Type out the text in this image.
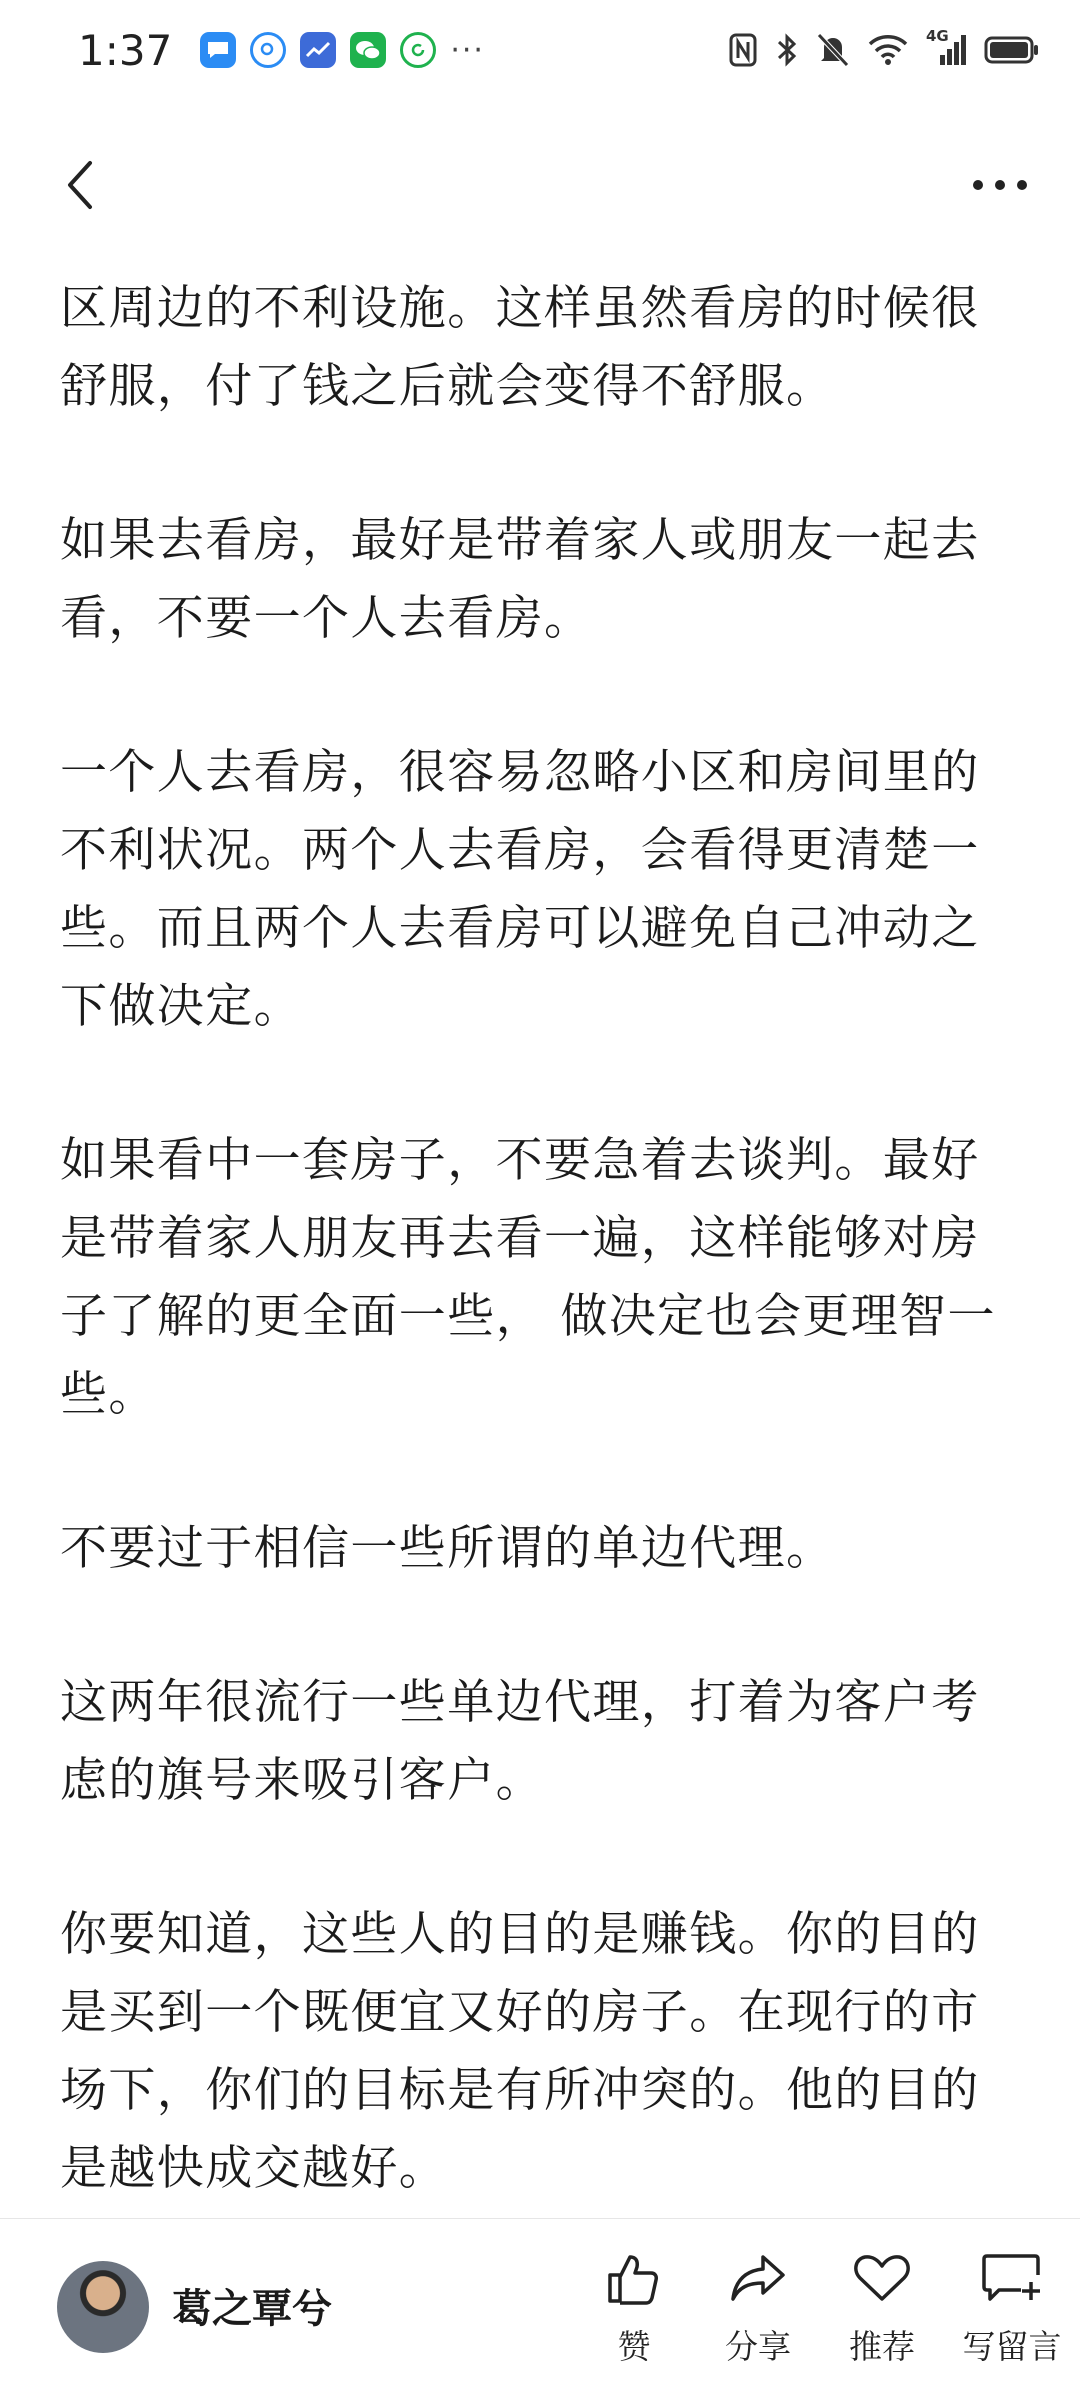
1:37	···	4G

区周边的不利设施。这样虽然看房的时候很舒服，付了钱之后就会变得不舒服。

如果去看房，最好是带着家人或朋友一起去看，不要一个人去看房。

一个人去看房，很容易忽略小区和房间里的不利状况。两个人去看房，会看得更清楚一些。而且两个人去看房可以避免自己冲动之下做决定。

如果看中一套房子，不要急着去谈判。最好是带着家人朋友再去看一遍，这样能够对房子了解的更全面一些， 做决定也会更理智一些。

不要过于相信一些所谓的单边代理。

这两年很流行一些单边代理，打着为客户考虑的旗号来吸引客户。

你要知道，这些人的目的是赚钱。你的目的是买到一个既便宜又好的房子。在现行的市场下，你们的目标是有所冲突的。他的目的是越快成交越好。

葛之覃兮
赞 分享 推荐 写留言
